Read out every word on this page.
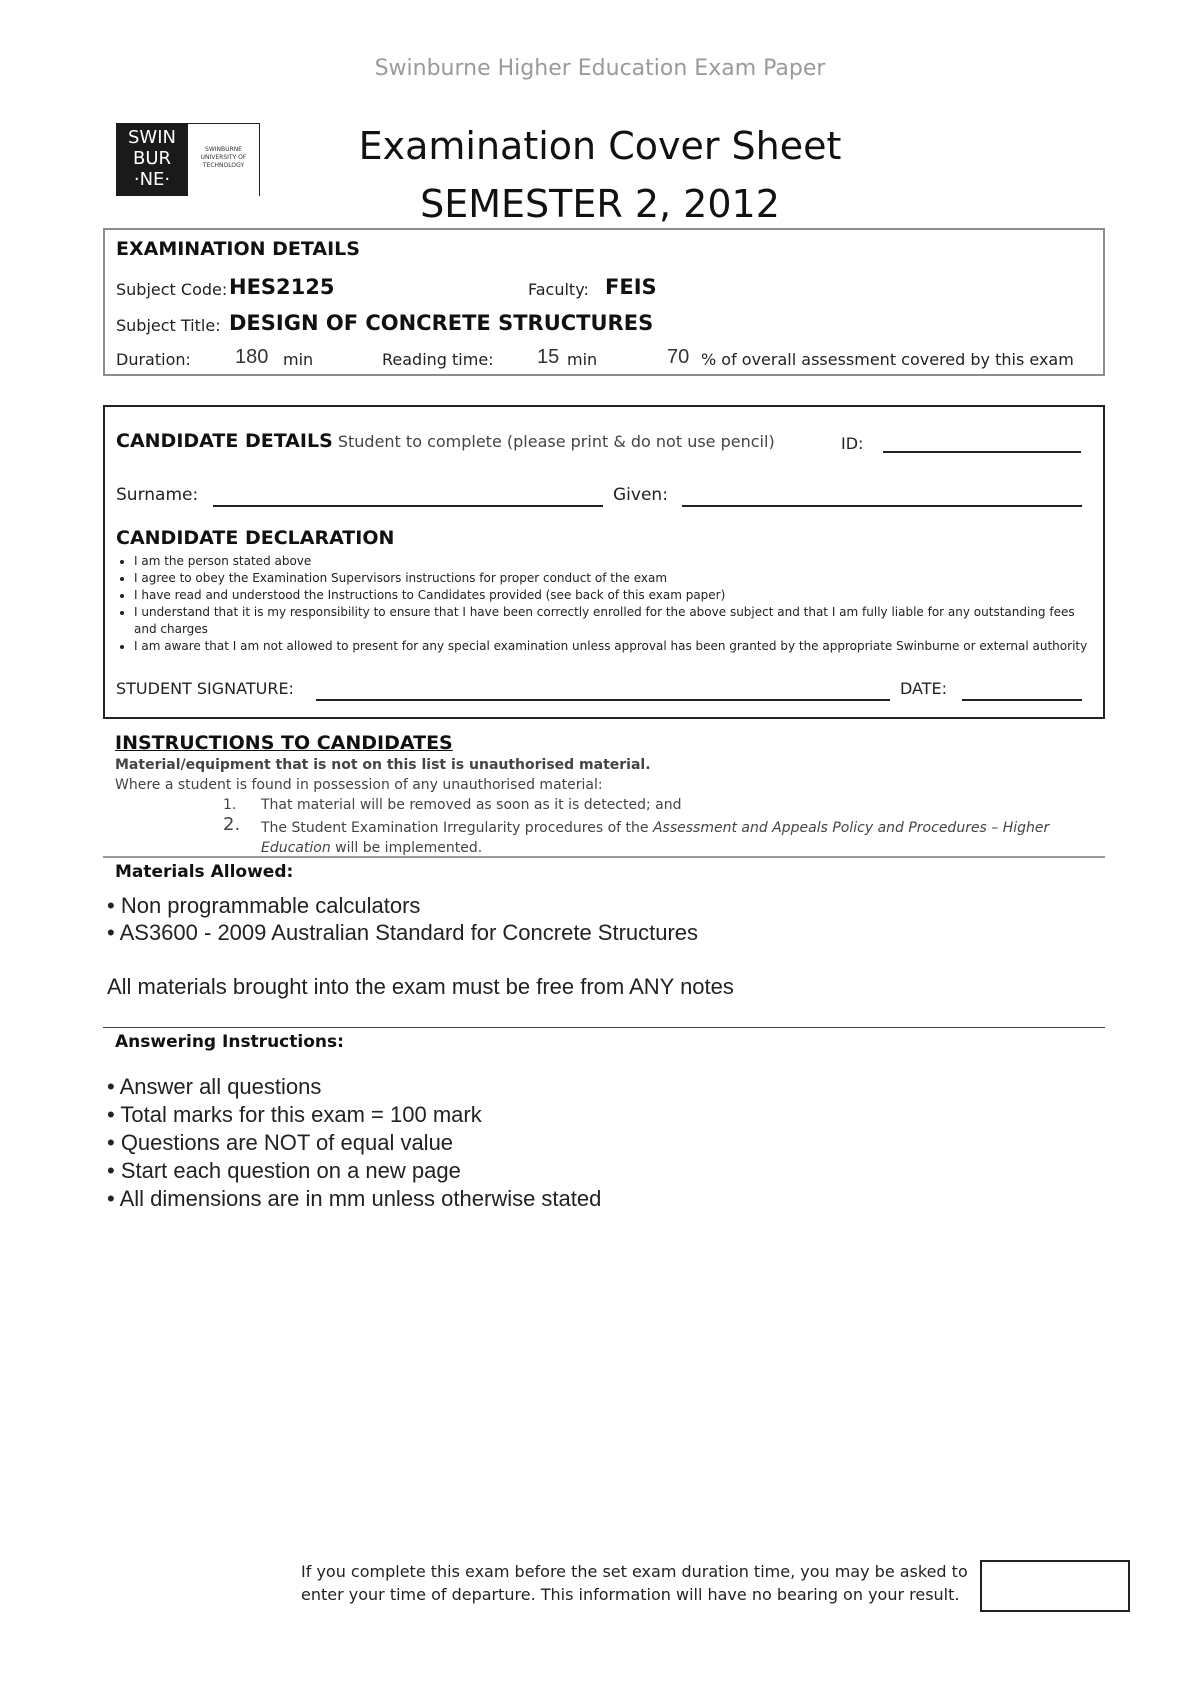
Swinburne Higher Education Exam Paper
SWIN
BUR
·NE·
SWINBURNE
UNIVERSITY OF
TECHNOLOGY	Examination Cover Sheet
SEMESTER 2, 2012
EXAMINATION DETAILS
Subject Code: HES2125	Faculty: FEIS
Subject Title: DESIGN OF CONCRETE STRUCTURES
Duration: 180 min	Reading time: 15 min	70 % of overall assessment covered by this exam
CANDIDATE DETAILS Student to complete (please print & do not use pencil)	ID:
Surname:	Given:
CANDIDATE DECLARATION
• I am the person stated above
• I agree to obey the Examination Supervisors instructions for proper conduct of the exam
• I have read and understood the Instructions to Candidates provided (see back of this exam paper)
• I understand that it is my responsibility to ensure that I have been correctly enrolled for the above subject and that I am fully liable for any outstanding fees and charges
• I am aware that I am not allowed to present for any special examination unless approval has been granted by the appropriate Swinburne or external authority
STUDENT SIGNATURE:	DATE:
INSTRUCTIONS TO CANDIDATES
Material/equipment that is not on this list is unauthorised material.
Where a student is found in possession of any unauthorised material:
1. That material will be removed as soon as it is detected; and
2. The Student Examination Irregularity procedures of the Assessment and Appeals Policy and Procedures – Higher Education will be implemented.
Materials Allowed:
• Non programmable calculators
• AS3600 - 2009 Australian Standard for Concrete Structures
All materials brought into the exam must be free from ANY notes
Answering Instructions:
• Answer all questions
• Total marks for this exam = 100 mark
• Questions are NOT of equal value
• Start each question on a new page
• All dimensions are in mm unless otherwise stated
If you complete this exam before the set exam duration time, you may be asked to
enter your time of departure. This information will have no bearing on your result.
